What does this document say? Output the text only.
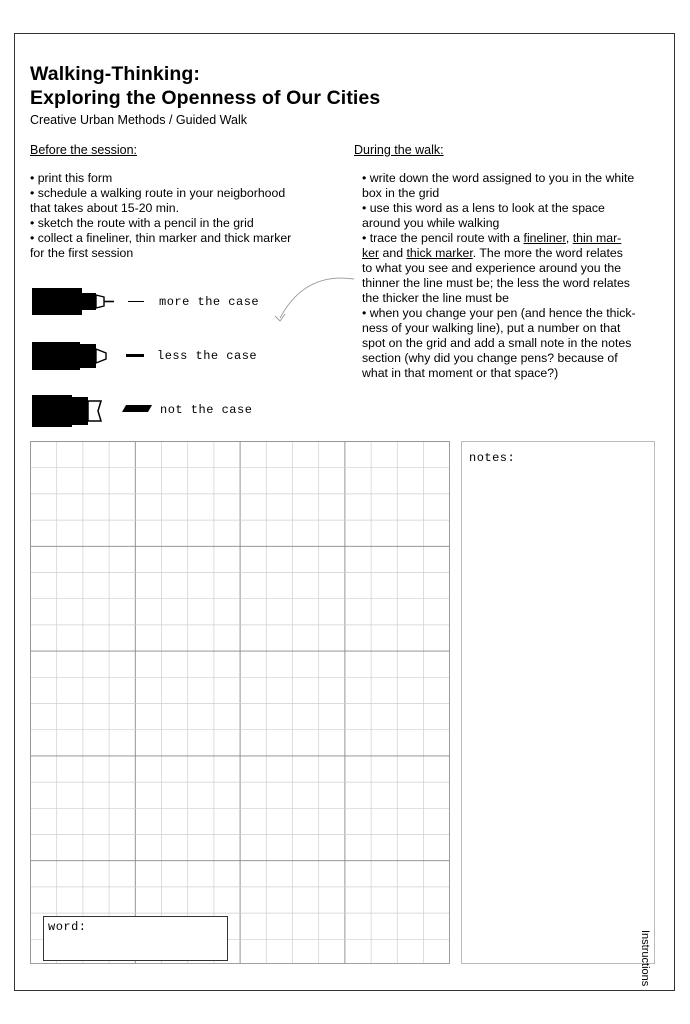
Walking-Thinking:
Exploring the Openness of Our Cities
Creative Urban Methods / Guided Walk
Before the session:
• print this form
• schedule a walking route in your neigborhood
that takes about 15-20 min.
• sketch the route with a pencil in the grid
• collect a fineliner, thin marker and thick marker
for the first session
During the walk:
• write down the word assigned to you in the white
box in the grid
• use this word as a lens to look at the space
around you while walking
• trace the pencil route with a fineliner, thin mar-
ker and thick marker. The more the word relates
to what you see and experience around you the
thinner the line must be; the less the word relates
the thicker the line must be
• when you change your pen (and hence the thick-
ness of your walking line), put a number on that
spot on the grid and add a small note in the notes
section (why did you change pens? because of
what in that moment or that space?)
more the case
less the case
not the case
word:
notes:
Instructions
